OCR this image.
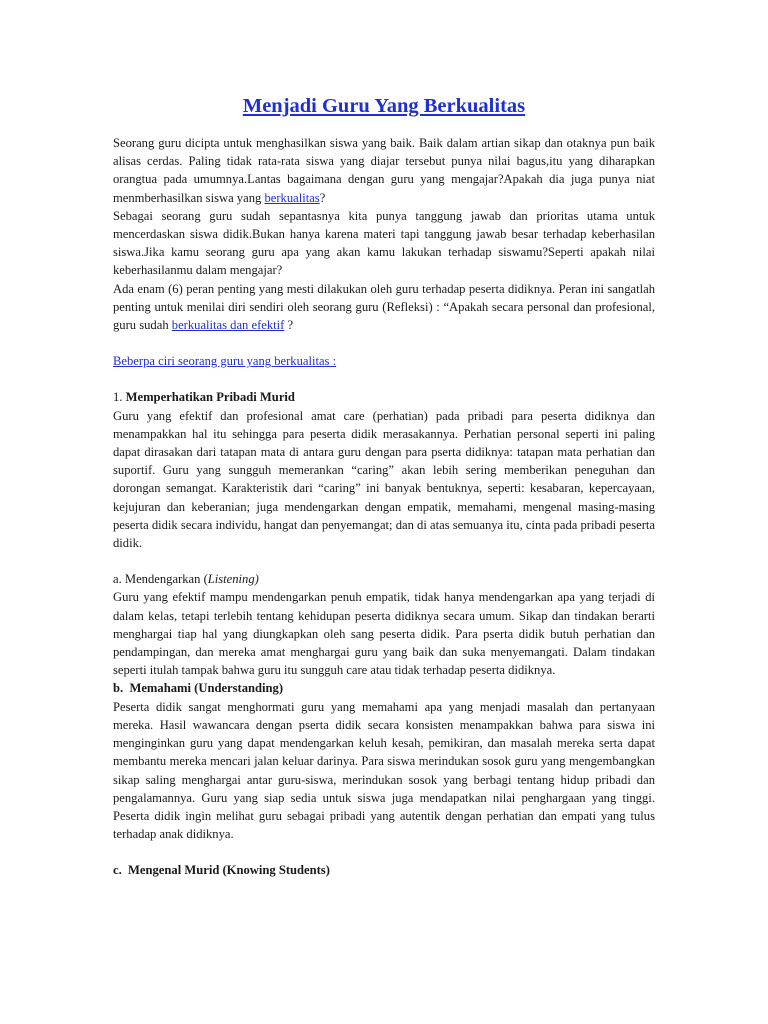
Menjadi Guru Yang Berkualitas

Seorang guru dicipta untuk menghasilkan siswa yang baik. Baik dalam artian sikap dan otaknya pun baik alisas cerdas. Paling tidak rata-rata siswa yang diajar tersebut punya nilai bagus,itu yang diharapkan orangtua pada umumnya.Lantas bagaimana dengan guru yang mengajar?Apakah dia juga punya niat menmberhasilkan siswa yang berkualitas?

Sebagai seorang guru sudah sepantasnya kita punya tanggung jawab dan prioritas utama untuk mencerdaskan siswa didik.Bukan hanya karena materi tapi tanggung jawab besar terhadap keberhasilan siswa.Jika kamu seorang guru apa yang akan kamu lakukan terhadap siswamu?Seperti apakah nilai keberhasilanmu dalam mengajar?

Ada enam (6) peran penting yang mesti dilakukan oleh guru terhadap peserta didiknya. Peran ini sangatlah penting untuk menilai diri sendiri oleh seorang guru (Refleksi) : “Apakah secara personal dan profesional, guru sudah berkualitas dan efektif ?

Beberpa ciri seorang guru yang berkualitas :

1. Memperhatikan Pribadi Murid

Guru yang efektif dan profesional amat care (perhatian) pada pribadi para peserta didiknya dan menampakkan hal itu sehingga para peserta didik merasakannya. Perhatian personal seperti ini paling dapat dirasakan dari tatapan mata di antara guru dengan para pserta didiknya: tatapan mata perhatian dan suportif. Guru yang sungguh memerankan “caring” akan lebih sering memberikan peneguhan dan dorongan semangat. Karakteristik dari “caring” ini banyak bentuknya, seperti: kesabaran, kepercayaan, kejujuran dan keberanian; juga mendengarkan dengan empatik, memahami, mengenal masing-masing peserta didik secara individu, hangat dan penyemangat; dan di atas semuanya itu, cinta pada pribadi peserta didik.

a. Mendengarkan (Listening)

Guru yang efektif mampu mendengarkan penuh empatik, tidak hanya mendengarkan apa yang terjadi di dalam kelas, tetapi terlebih tentang kehidupan peserta didiknya secara umum. Sikap dan tindakan berarti menghargai tiap hal yang diungkapkan oleh sang peserta didik. Para pserta didik butuh perhatian dan pendampingan, dan mereka amat menghargai guru yang baik dan suka menyemangati. Dalam tindakan seperti itulah tampak bahwa guru itu sungguh care atau tidak terhadap peserta didiknya.

b.  Memahami (Understanding)

Peserta didik sangat menghormati guru yang memahami apa yang menjadi masalah dan pertanyaan mereka. Hasil wawancara dengan pserta didik secara konsisten menampakkan bahwa para siswa ini menginginkan guru yang dapat mendengarkan keluh kesah, pemikiran, dan masalah mereka serta dapat membantu mereka mencari jalan keluar darinya. Para siswa merindukan sosok guru yang mengembangkan sikap saling menghargai antar guru-siswa, merindukan sosok yang berbagi tentang hidup pribadi dan pengalamannya. Guru yang siap sedia untuk siswa juga mendapatkan nilai penghargaan yang tinggi. Peserta didik ingin melihat guru sebagai pribadi yang autentik dengan perhatian dan empati yang tulus terhadap anak didiknya.

c.  Mengenal Murid (Knowing Students)
